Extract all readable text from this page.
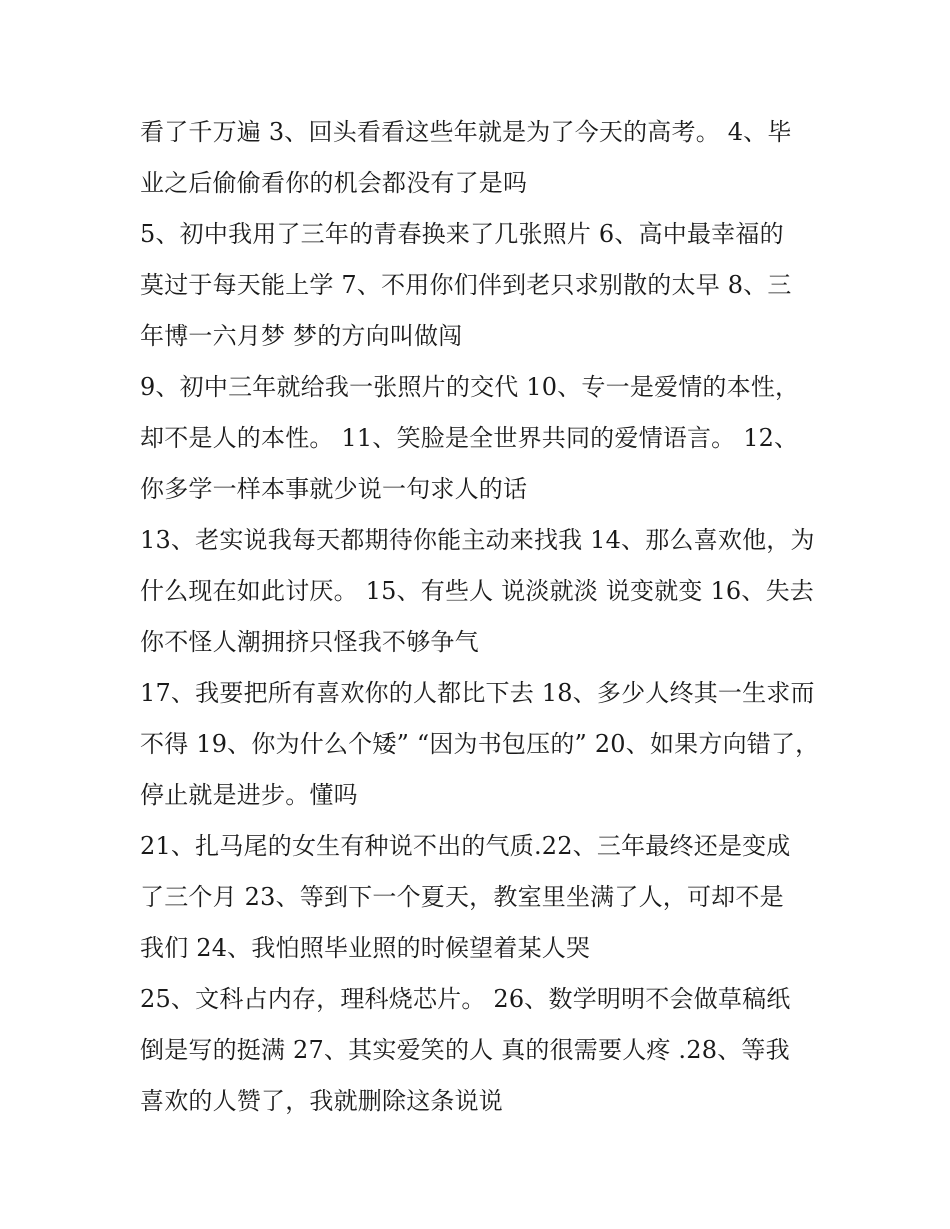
看了千万遍 3、回头看看这些年就是为了今天的高考。 4、毕
业之后偷偷看你的机会都没有了是吗
5、初中我用了三年的青春换来了几张照片 6、高中最幸福的
莫过于每天能上学 7、不用你们伴到老只求别散的太早 8、三
年博一六月梦 梦的方向叫做闯
9、初中三年就给我一张照片的交代 10、专一是爱情的本性，
却不是人的本性。 11、笑脸是全世界共同的爱情语言。 12、
你多学一样本事就少说一句求人的话
13、老实说我每天都期待你能主动来找我 14、那么喜欢他，为
什么现在如此讨厌。 15、有些人 说淡就淡 说变就变 16、失去
你不怪人潮拥挤只怪我不够争气
17、我要把所有喜欢你的人都比下去 18、多少人终其一生求而
不得 19、你为什么个矮” “因为书包压的” 20、如果方向错了，
停止就是进步。懂吗
21、扎马尾的女生有种说不出的气质.22、三年最终还是变成
了三个月 23、等到下一个夏天，教室里坐满了人，可却不是
我们 24、我怕照毕业照的时候望着某人哭
25、文科占内存，理科烧芯片。 26、数学明明不会做草稿纸
倒是写的挺满 27、其实爱笑的人 真的很需要人疼 .28、等我
喜欢的人赞了，我就删除这条说说
